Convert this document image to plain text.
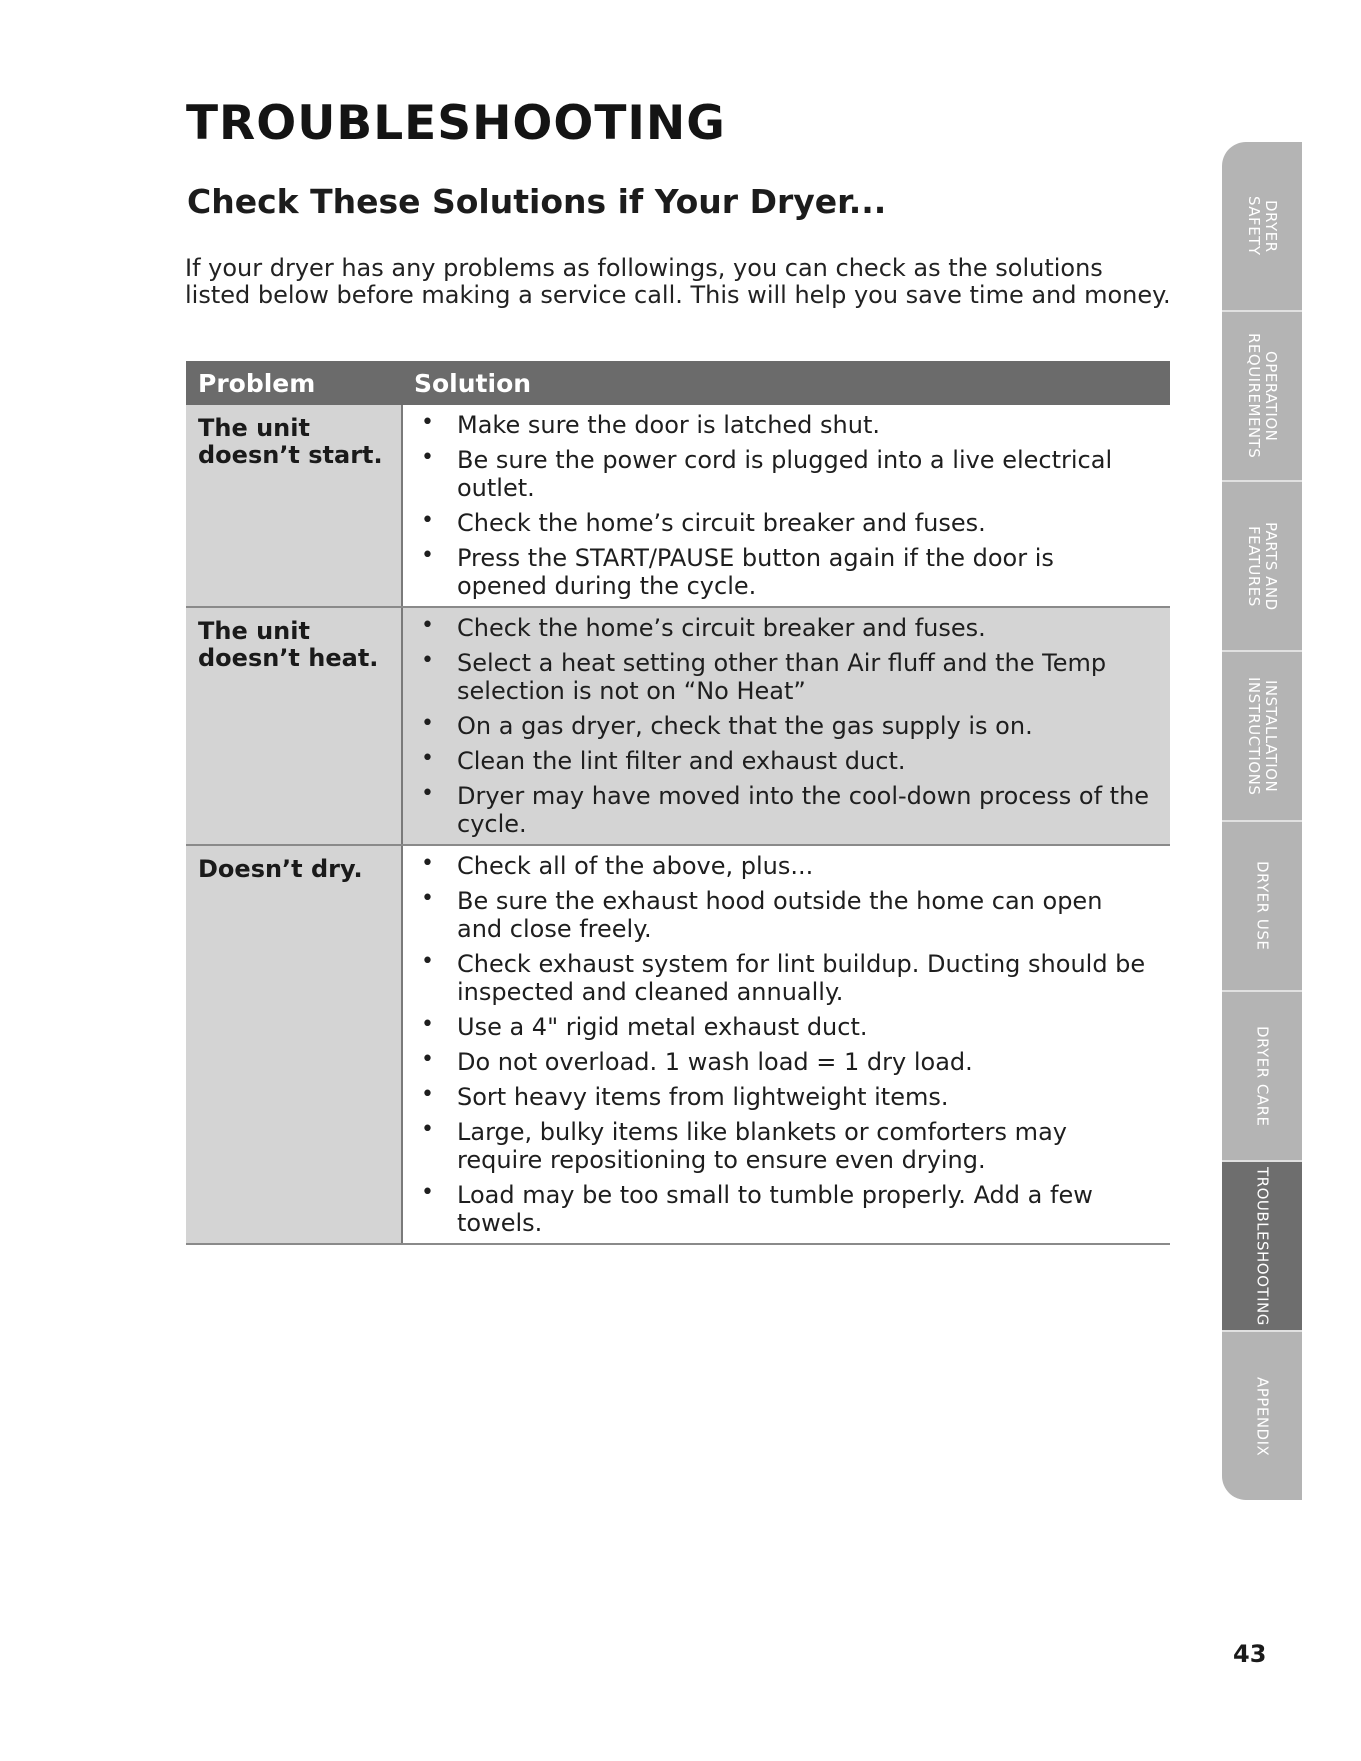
TROUBLESHOOTING
Check These Solutions if Your Dryer...

If your dryer has any problems as followings, you can check as the solutions listed below before making a service call. This will help you save time and money.

Problem	Solution
The unit doesn’t start.
• Make sure the door is latched shut.
• Be sure the power cord is plugged into a live electrical outlet.
• Check the home’s circuit breaker and fuses.
• Press the START/PAUSE button again if the door is opened during the cycle.
The unit doesn’t heat.
• Check the home’s circuit breaker and fuses.
• Select a heat setting other than Air fluff and the Temp selection is not on “No Heat”
• On a gas dryer, check that the gas supply is on.
• Clean the lint filter and exhaust duct.
• Dryer may have moved into the cool-down process of the cycle.
Doesn’t dry.	• Check all of the above, plus...
• Be sure the exhaust hood outside the home can open and close freely.
• Check exhaust system for lint buildup. Ducting should be inspected and cleaned annually.
• Use a 4" rigid metal exhaust duct.
• Do not overload. 1 wash load = 1 dry load.
• Sort heavy items from lightweight items.
• Large, bulky items like blankets or comforters may require repositioning to ensure even drying.
• Load may be too small to tumble properly. Add a few towels.
DRYER
SAFETY
OPERATION
REQUIREMENTS
PARTS AND
FEATURES
INSTALLATION
INSTRUCTIONS
DRYER USE
DRYER CARE
TROUBLESHOOTING
APPENDIX
43
